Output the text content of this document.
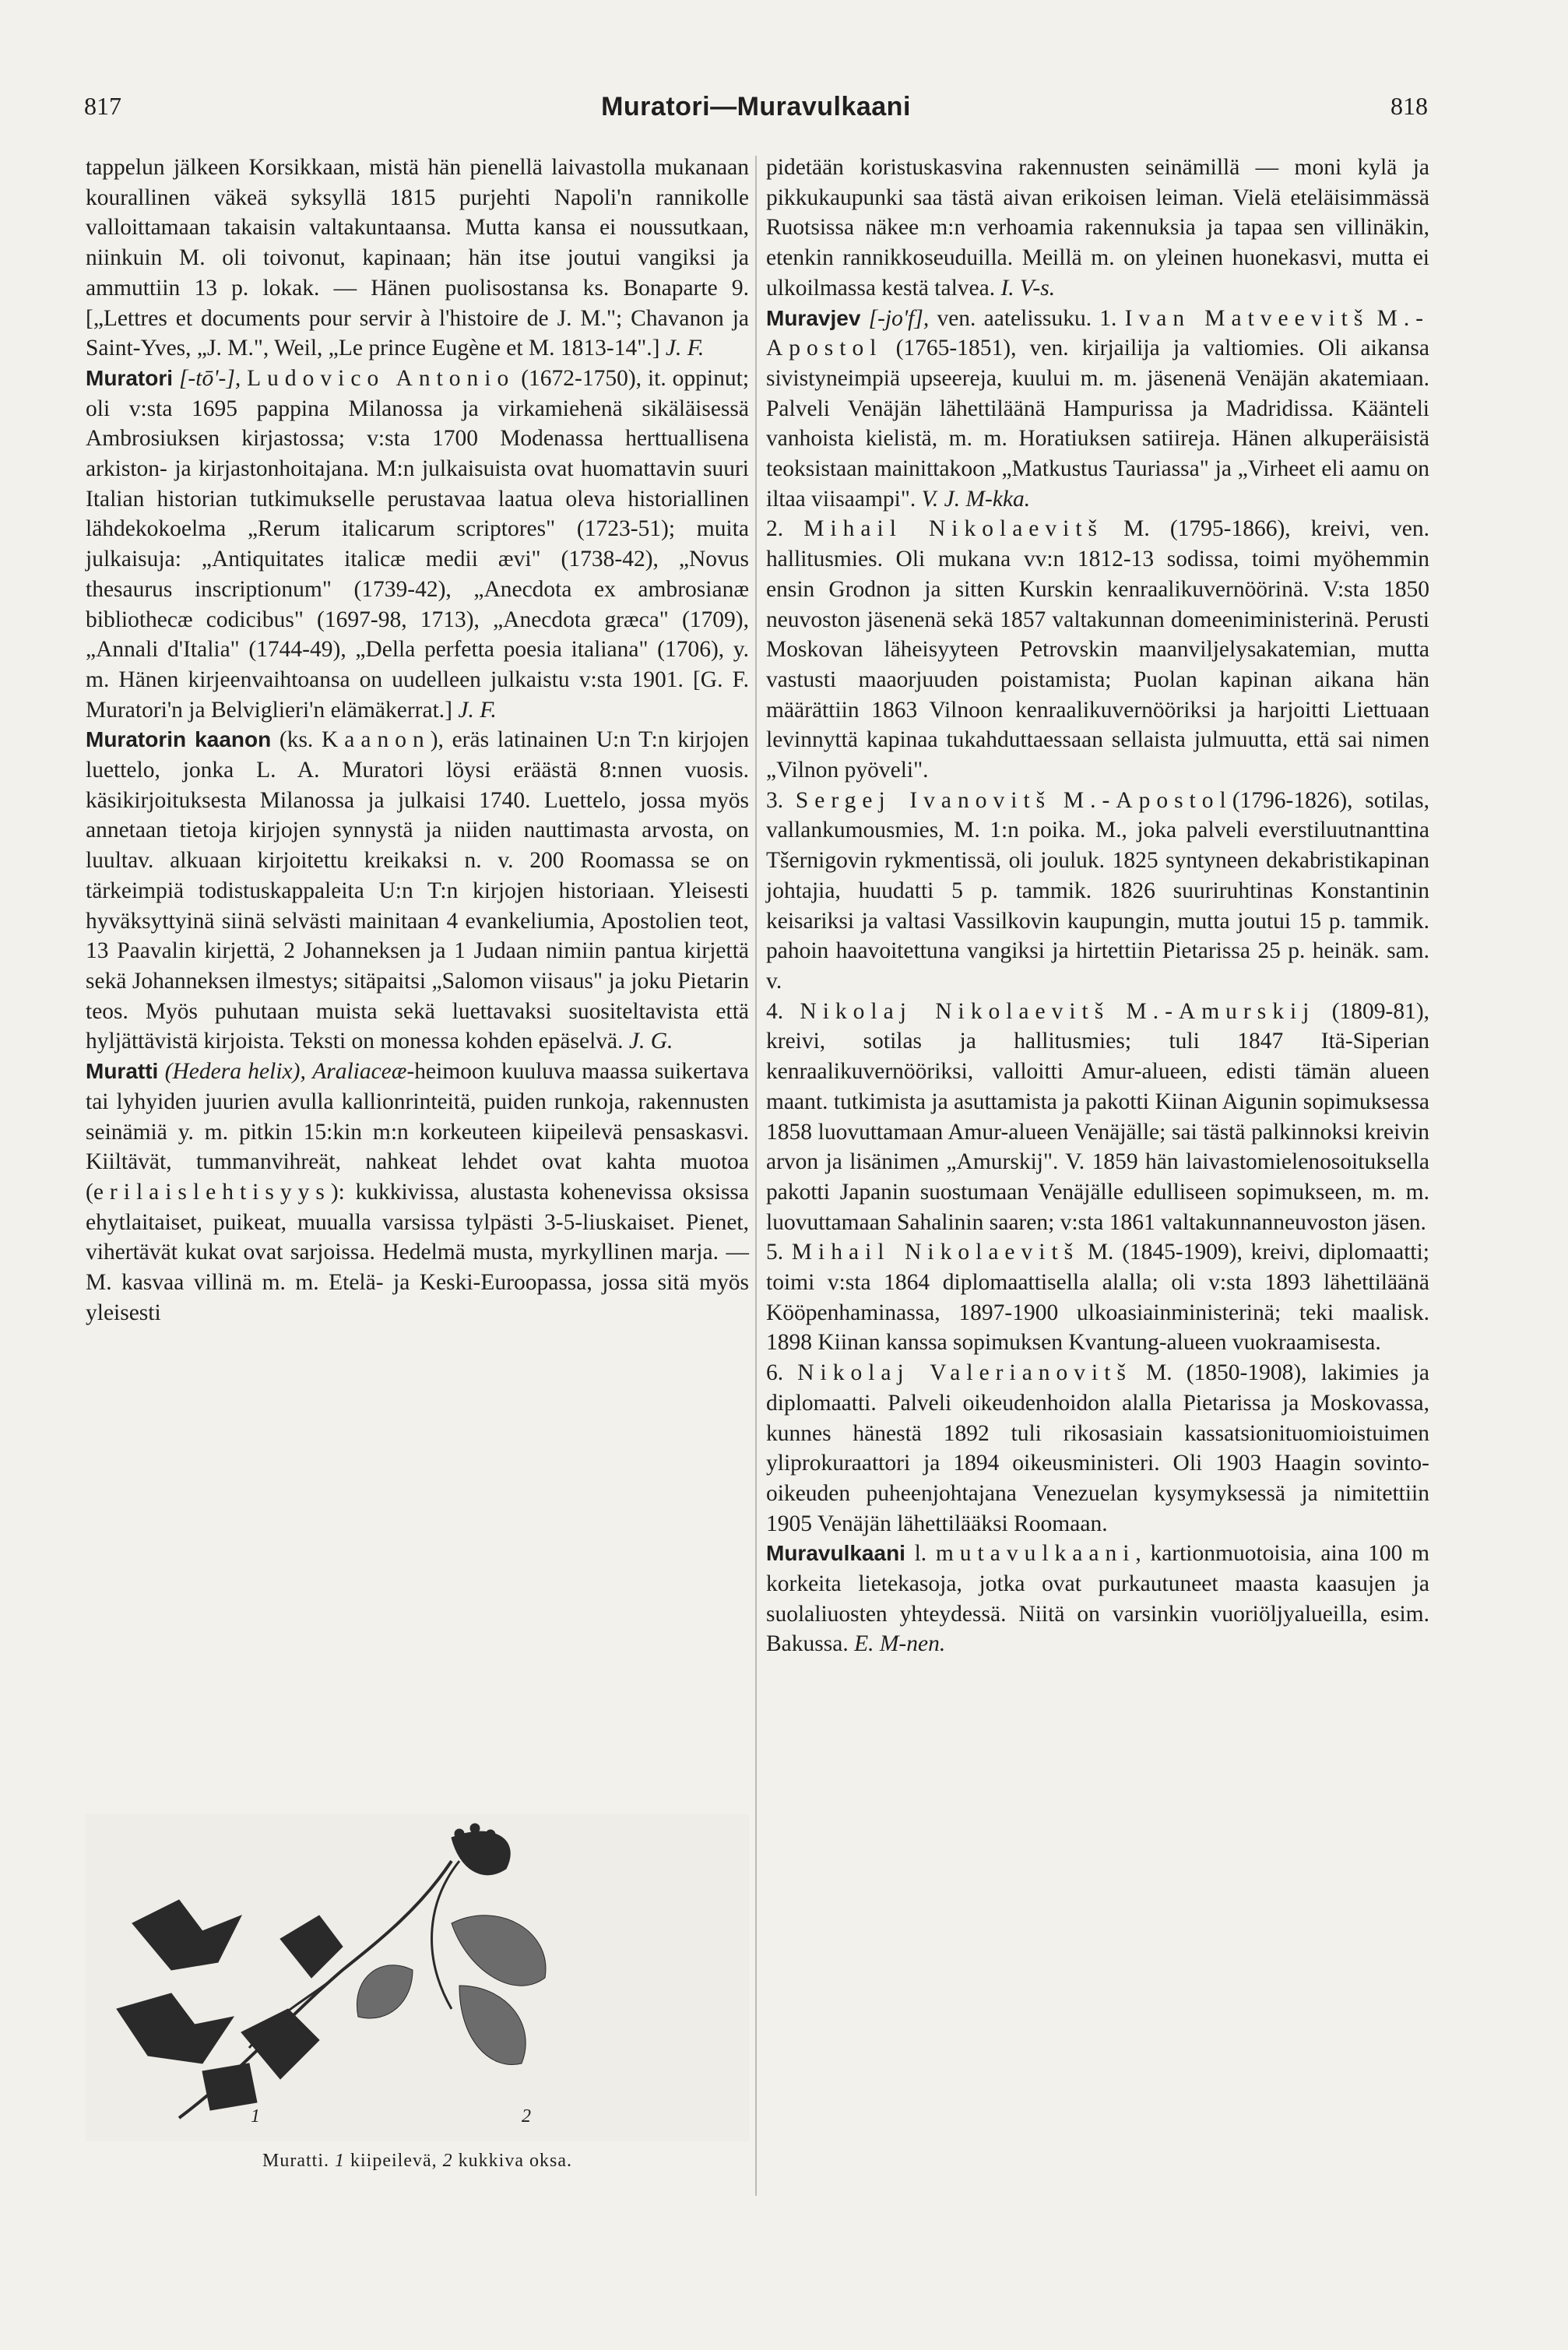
817	Muratori—Muravulkaani	818

tappelun jälkeen Korsikkaan, mistä hän pienellä laivastolla mukanaan kourallinen väkeä syksyllä 1815 purjehti Napoli'n rannikolle valloittamaan takaisin valtakuntaansa. Mutta kansa ei noussutkaan, niinkuin M. oli toivonut, kapinaan; hän itse joutui vangiksi ja ammuttiin 13 p. lokak. — Hänen puolisostansa ks. Bonaparte 9. [„Lettres et documents pour servir à l'histoire de J. M."; Chavanon ja Saint-Yves, „J. M.", Weil, „Le prince Eugène et M. 1813-14".] J. F.

Muratori [-tō'-], Ludovico Antonio (1672-1750), it. oppinut; oli v:sta 1695 pappina Milanossa ja virkamiehenä sikäläisessä Ambrosiuksen kirjastossa; v:sta 1700 Modenassa herttuallisena arkiston- ja kirjastonhoitajana. M:n julkaisuista ovat huomattavin suuri Italian historian tutkimukselle perustavaa laatua oleva historiallinen lähdekokoelma „Rerum italicarum scriptores" (1723-51); muita julkaisuja: „Antiquitates italicæ medii ævi" (1738-42), „Novus thesaurus inscriptionum" (1739-42), „Anecdota ex ambrosianæ bibliothecæ codicibus" (1697-98, 1713), „Anecdota græca" (1709), „Annali d'Italia" (1744-49), „Della perfetta poesia italiana" (1706), y. m. Hänen kirjeenvaihtoansa on uudelleen julkaistu v:sta 1901. [G. F. Muratori'n ja Belviglieri'n elämäkerrat.] J. F.

Muratorin kaanon (ks. Kaanon), eräs latinainen U:n T:n kirjojen luettelo, jonka L. A. Muratori löysi eräästä 8:nnen vuosis. käsikirjoituksesta Milanossa ja julkaisi 1740. Luettelo, jossa myös annetaan tietoja kirjojen synnystä ja niiden nauttimasta arvosta, on luultav. alkuaan kirjoitettu kreikaksi n. v. 200 Roomassa se on tärkeimpiä todistuskappaleita U:n T:n kirjojen historiaan. Yleisesti hyväksyttyinä siinä selvästi mainitaan 4 evankeliumia, Apostolien teot, 13 Paavalin kirjettä, 2 Johanneksen ja 1 Judaan nimiin pantua kirjettä sekä Johanneksen ilmestys; sitäpaitsi „Salomon viisaus" ja joku Pietarin teos. Myös puhutaan muista sekä luettavaksi suositeltavista että hyljättävistä kirjoista. Teksti on monessa kohden epäselvä. J. G.

Muratti (Hedera helix), Araliaceæ-heimoon kuuluva maassa suikertava tai lyhyiden juurien avulla kallionrinteitä, puiden runkoja, rakennusten seinämiä y. m. pitkin 15:kin m:n korkeuteen kiipeilevä pensaskasvi. Kiiltävät, tummanvihreät, nahkeat lehdet ovat kahta muotoa (erilaislehtisyys): kukkivissa, alustasta kohenevissa oksissa ehytlaitaiset, puikeat, muualla varsissa tylpästi 3-5-liuskaiset. Pienet, vihertävät kukat ovat sarjoissa. Hedelmä musta, myrkyllinen marja. — M. kasvaa villinä m. m. Etelä- ja Keski-Euroopassa, jossa sitä myös yleisesti

1	2
Muratti. 1 kiipeilevä, 2 kukkiva oksa.

pidetään koristuskasvina rakennusten seinämillä — moni kylä ja pikkukaupunki saa tästä aivan erikoisen leiman. Vielä eteläisimmässä Ruotsissa näkee m:n verhoamia rakennuksia ja tapaa sen villinäkin, etenkin rannikkoseuduilla. Meillä m. on yleinen huonekasvi, mutta ei ulkoilmassa kestä talvea. I. V-s.

Muravjev [-jo'f], ven. aatelissuku. 1. Ivan Matveevitš M.-Apostol (1765-1851), ven. kirjailija ja valtiomies. Oli aikansa sivistyneimpiä upseereja, kuului m. m. jäsenenä Venäjän akatemiaan. Palveli Venäjän lähettiläänä Hampurissa ja Madridissa. Käänteli vanhoista kielistä, m. m. Horatiuksen satiireja. Hänen alkuperäisistä teoksistaan mainittakoon „Matkustus Tauriassa" ja „Virheet eli aamu on iltaa viisaampi". V. J. M-kka.

2. Mihail Nikolaevitš M. (1795-1866), kreivi, ven. hallitusmies. Oli mukana vv:n 1812-13 sodissa, toimi myöhemmin ensin Grodnon ja sitten Kurskin kenraalikuvernöörinä. V:sta 1850 neuvoston jäsenenä sekä 1857 valtakunnan domeeniministerinä. Perusti Moskovan läheisyyteen Petrovskin maanviljelysakatemian, mutta vastusti maaorjuuden poistamista; Puolan kapinan aikana hän määrättiin 1863 Vilnoon kenraalikuvernööriksi ja harjoitti Liettuaan levinnyttä kapinaa tukahduttaessaan sellaista julmuutta, että sai nimen „Vilnon pyöveli".

3. Sergej Ivanovitš M.-Apostol(1796-1826), sotilas, vallankumousmies, M. 1:n poika. M., joka palveli everstiluutnanttina Tšernigovin rykmentissä, oli jouluk. 1825 syntyneen dekabristikapinan johtajia, huudatti 5 p. tammik. 1826 suuriruhtinas Konstantinin keisariksi ja valtasi Vassilkovin kaupungin, mutta joutui 15 p. tammik. pahoin haavoitettuna vangiksi ja hirtettiin Pietarissa 25 p. heinäk. sam. v.

4. Nikolaj Nikolaevitš M.-Amurskij (1809-81), kreivi, sotilas ja hallitusmies; tuli 1847 Itä-Siperian kenraalikuvernööriksi, valloitti Amur-alueen, edisti tämän alueen maant. tutkimista ja asuttamista ja pakotti Kiinan Aigunin sopimuksessa 1858 luovuttamaan Amur-alueen Venäjälle; sai tästä palkinnoksi kreivin arvon ja lisänimen „Amurskij". V. 1859 hän laivastomielenosoituksella pakotti Japanin suostumaan Venäjälle edulliseen sopimukseen, m. m. luovuttamaan Sahalinin saaren; v:sta 1861 valtakunnanneuvoston jäsen.

5. Mihail Nikolaevitš M. (1845-1909), kreivi, diplomaatti; toimi v:sta 1864 diplomaattisella alalla; oli v:sta 1893 lähettiläänä Kööpenhaminassa, 1897-1900 ulkoasiainministerinä; teki maalisk. 1898 Kiinan kanssa sopimuksen Kvantung-alueen vuokraamisesta.

6. Nikolaj Valerianovitš M. (1850-1908), lakimies ja diplomaatti. Palveli oikeudenhoidon alalla Pietarissa ja Moskovassa, kunnes hänestä 1892 tuli rikosasiain kassatsionituomioistuimen yliprokuraattori ja 1894 oikeusministeri. Oli 1903 Haagin sovinto-oikeuden puheenjohtajana Venezuelan kysymyksessä ja nimitettiin 1905 Venäjän lähettilääksi Roomaan.

Muravulkaani l. mutavulkaani, kartionmuotoisia, aina 100 m korkeita lietekasoja, jotka ovat purkautuneet maasta kaasujen ja suolaliuosten yhteydessä. Niitä on varsinkin vuoriöljyalueilla, esim. Bakussa. E. M-nen.
